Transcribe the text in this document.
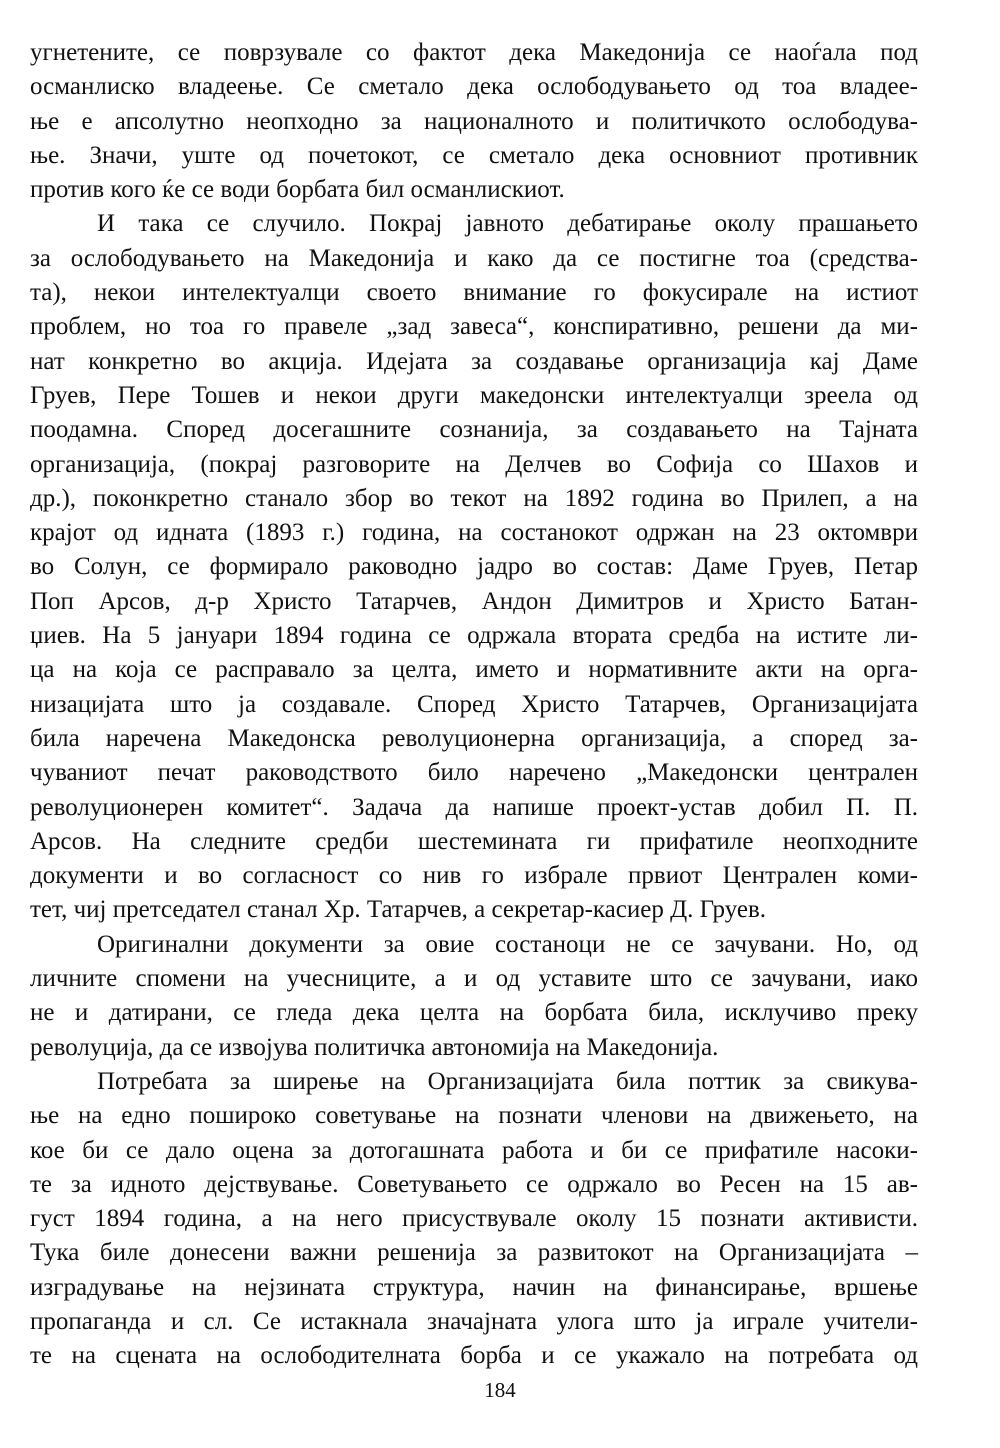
угнетените, се поврзувале со фактот дека Македонија се наоѓала под
османлиско владеење. Се сметало дека ослободувањето од тоа владее-
ње е апсолутно неопходно за националното и политичкото ослободува-
ње. Значи, уште од почетокот, се сметало дека основниот противник
против кого ќе се води борбата бил османлискиот.
И така се случило. Покрај јавното дебатирање околу прашањето
за ослободувањето на Македонија и како да се постигне тоа (средства-
та), некои интелектуалци своето внимание го фокусирале на истиот
проблем, но тоа го правеле „зад завеса“, конспиративно, решени да ми-
нат конкретно во акција. Идејата за создавање организација кај Даме
Груев, Пере Тошев и некои други македонски интелектуалци зреела од
поодамна. Според досегашните сознанија, за создавањето на Тајната
организација, (покрај разговорите на Делчев во Софија со Шахов и
др.), поконкретно станало збор во текот на 1892 година во Прилеп, а на
крајот од идната (1893 г.) година, на состанокот одржан на 23 октомври
во Солун, се формирало раководно јадро во состав: Даме Груев, Петар
Поп Арсов, д-р Христо Татарчев, Андон Димитров и Христо Батан-
џиев. На 5 јануари 1894 година се одржала втората средба на истите ли-
ца на која се расправало за целта, името и нормативните акти на орга-
низацијата што ја создавале. Според Христо Татарчев, Организацијата
била наречена Македонска револуционерна организација, а според за-
чуваниот печат раководството било наречено „Македонски централен
револуционерен комитет“. Задача да напише проект-устав добил П. П.
Арсов. На следните средби шестемината ги прифатиле неопходните
документи и во согласност со нив го избрале првиот Централен коми-
тет, чиј претседател станал Хр. Татарчев, а секретар-касиер Д. Груев.
Оригинални документи за овие состаноци не се зачувани. Но, од
личните спомени на учесниците, а и од уставите што се зачувани, иако
не и датирани, се гледа дека целта на борбата била, исклучиво преку
револуција, да се извојува политичка автономија на Македонија.
Потребата за ширење на Организацијата била поттик за свикува-
ње на едно пошироко советување на познати членови на движењето, на
кое би се дало оцена за дотогашната работа и би се прифатиле насоки-
те за идното дејствување. Советувањето се одржало во Ресен на 15 ав-
густ 1894 година, а на него присуствувале околу 15 познати активисти.
Тука биле донесени важни решенија за развитокот на Организацијата –
изградување на нејзината структура, начин на финансирање, вршење
пропаганда и сл. Се истакнала значајната улога што ја играле учители-
те на сцената на ослободителната борба и се укажало на потребата од
184
